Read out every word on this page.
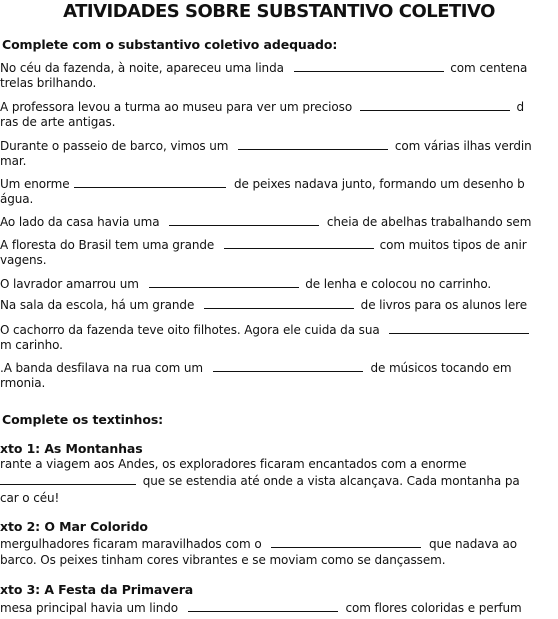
ATIVIDADES SOBRE SUBSTANTIVO COLETIVO
Complete com o substantivo coletivo adequado:
No céu da fazenda, à noite, apareceu uma linda	com centena
trelas brilhando.
A professora levou a turma ao museu para ver um precioso	d
ras de arte antigas.
Durante o passeio de barco, vimos um	com várias ilhas verdin
mar.
Um enorme	de peixes nadava junto, formando um desenho b
água.
Ao lado da casa havia uma	cheia de abelhas trabalhando sem
A floresta do Brasil tem uma grande	com muitos tipos de anir
vagens.
O lavrador amarrou um	de lenha e colocou no carrinho.
Na sala da escola, há um grande	de livros para os alunos lere
O cachorro da fazenda teve oito filhotes. Agora ele cuida da sua
m carinho.
.A banda desfilava na rua com um	de músicos tocando em
rmonia.
Complete os textinhos:
xto 1: As Montanhas
rante a viagem aos Andes, os exploradores ficaram encantados com a enorme
que se estendia até onde a vista alcançava. Cada montanha pa
car o céu!
xto 2: O Mar Colorido
mergulhadores ficaram maravilhados com o	que nadava ao
barco. Os peixes tinham cores vibrantes e se moviam como se dançassem.
xto 3: A Festa da Primavera
mesa principal havia um lindo	com flores coloridas e perfum
